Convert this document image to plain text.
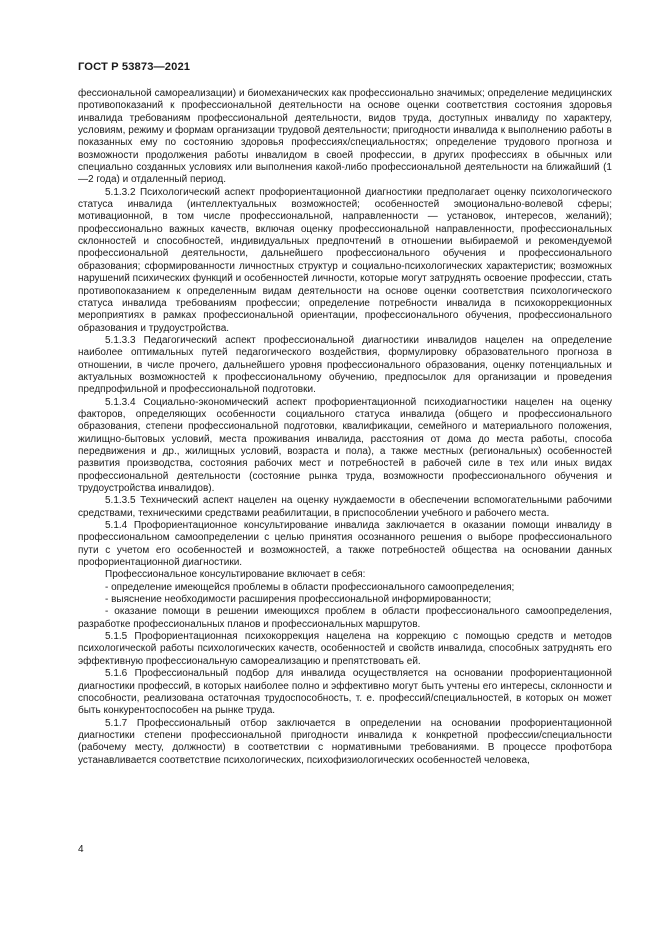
ГОСТ Р 53873—2021

фессиональной самореализации) и биомеханических как профессионально значимых; определение медицинских противопоказаний к профессиональной деятельности на основе оценки соответствия состояния здоровья инвалида требованиям профессиональной деятельности, видов труда, доступных инвалиду по характеру, условиям, режиму и формам организации трудовой деятельности; пригодности инвалида к выполнению работы в показанных ему по состоянию здоровья профессиях/специальностях; определение трудового прогноза и возможности продолжения работы инвалидом в своей профессии, в других профессиях в обычных или специально созданных условиях или выполнения какой-либо профессиональной деятельности на ближайший (1—2 года) и отдаленный период.

5.1.3.2 Психологический аспект профориентационной диагностики предполагает оценку психологического статуса инвалида (интеллектуальных возможностей; особенностей эмоционально-волевой сферы; мотивационной, в том числе профессиональной, направленности — установок, интересов, желаний); профессионально важных качеств, включая оценку профессиональной направленности, профессиональных склонностей и способностей, индивидуальных предпочтений в отношении выбираемой и рекомендуемой профессиональной деятельности, дальнейшего профессионального обучения и профессионального образования; сформированности личностных структур и социально-психологических характеристик; возможных нарушений психических функций и особенностей личности, которые могут затруднять освоение профессии, стать противопоказанием к определенным видам деятельности на основе оценки соответствия психологического статуса инвалида требованиям профессии; определение потребности инвалида в психокоррекционных мероприятиях в рамках профессиональной ориентации, профессионального обучения, профессионального образования и трудоустройства.

5.1.3.3 Педагогический аспект профессиональной диагностики инвалидов нацелен на определение наиболее оптимальных путей педагогического воздействия, формулировку образовательного прогноза в отношении, в числе прочего, дальнейшего уровня профессионального образования, оценку потенциальных и актуальных возможностей к профессиональному обучению, предпосылок для организации и проведения предпрофильной и профессиональной подготовки.

5.1.3.4 Социально-экономический аспект профориентационной психодиагностики нацелен на оценку факторов, определяющих особенности социального статуса инвалида (общего и профессионального образования, степени профессиональной подготовки, квалификации, семейного и материального положения, жилищно-бытовых условий, места проживания инвалида, расстояния от дома до места работы, способа передвижения и др., жилищных условий, возраста и пола), а также местных (региональных) особенностей развития производства, состояния рабочих мест и потребностей в рабочей силе в тех или иных видах профессиональной деятельности (состояние рынка труда, возможности профессионального обучения и трудоустройства инвалидов).

5.1.3.5 Технический аспект нацелен на оценку нуждаемости в обеспечении вспомогательными рабочими средствами, техническими средствами реабилитации, в приспособлении учебного и рабочего места.

5.1.4 Профориентационное консультирование инвалида заключается в оказании помощи инвалиду в профессиональном самоопределении с целью принятия осознанного решения о выборе профессионального пути с учетом его особенностей и возможностей, а также потребностей общества на основании данных профориентационной диагностики.

Профессиональное консультирование включает в себя:

- определение имеющейся проблемы в области профессионального самоопределения;

- выяснение необходимости расширения профессиональной информированности;

- оказание помощи в решении имеющихся проблем в области профессионального самоопределения, разработке профессиональных планов и профессиональных маршрутов.

5.1.5 Профориентационная психокоррекция нацелена на коррекцию с помощью средств и методов психологической работы психологических качеств, особенностей и свойств инвалида, способных затруднять его эффективную профессиональную самореализацию и препятствовать ей.

5.1.6 Профессиональный подбор для инвалида осуществляется на основании профориентационной диагностики профессий, в которых наиболее полно и эффективно могут быть учтены его интересы, склонности и способности, реализована остаточная трудоспособность, т. е. профессий/специальностей, в которых он может быть конкурентоспособен на рынке труда.

5.1.7 Профессиональный отбор заключается в определении на основании профориентационной диагностики степени профессиональной пригодности инвалида к конкретной профессии/специальности (рабочему месту, должности) в соответствии с нормативными требованиями. В процессе профотбора устанавливается соответствие психологических, психофизиологических особенностей человека,

4
